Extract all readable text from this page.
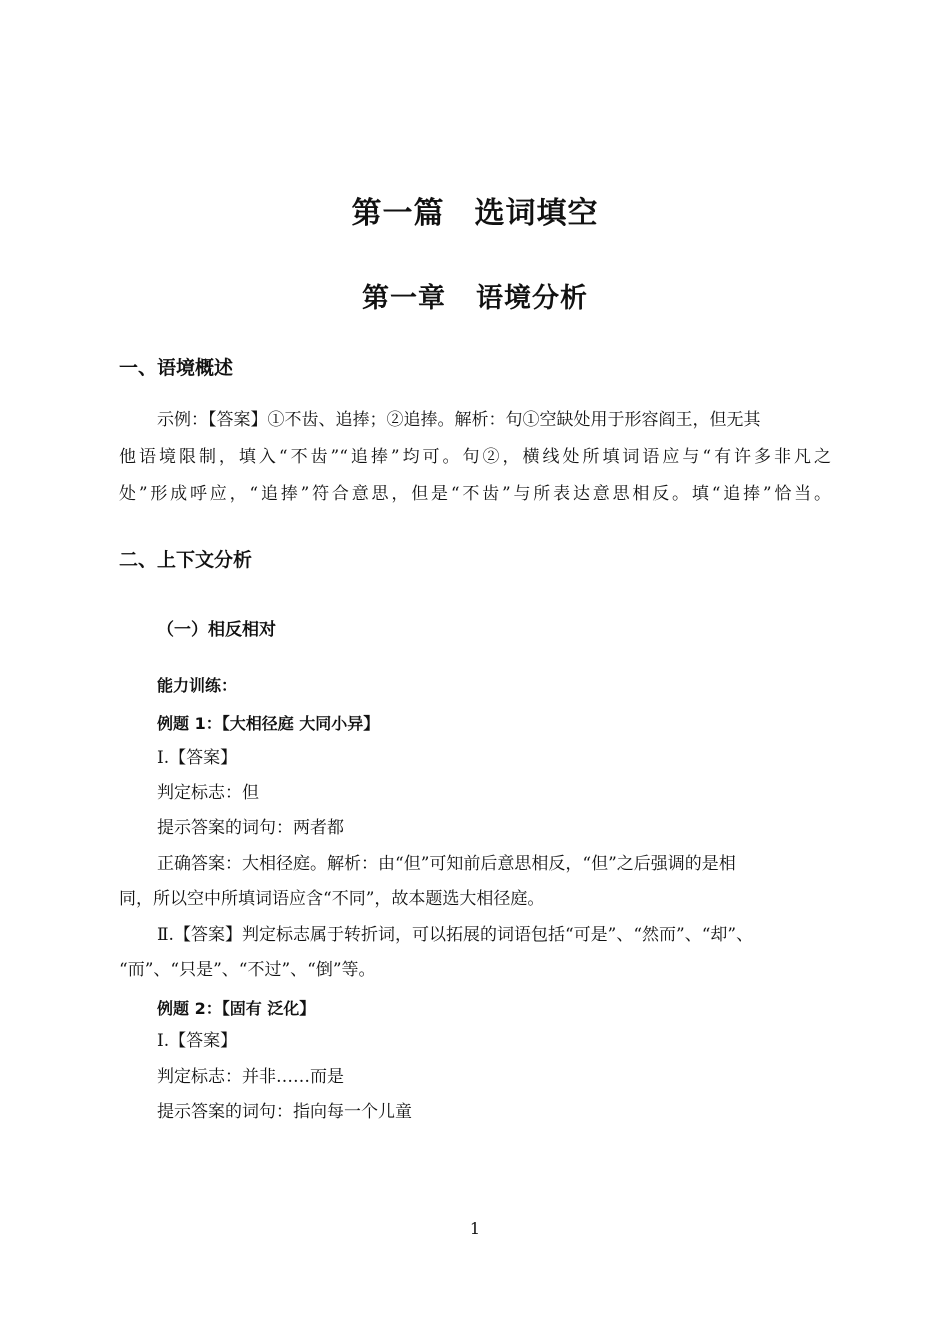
第一篇 选词填空
第一章 语境分析
一、语境概述

示例：【答案】①不齿、追捧；②追捧。解析：句①空缺处用于形容阎王，但无其

他语境限制，填入“不齿”“追捧”均可。句②，横线处所填词语应与“有许多非凡之

处”形成呼应，“追捧”符合意思，但是“不齿”与所表达意思相反。填“追捧”恰当。

二、上下文分析
（一）相反相对

能力训练：

例题 1：【大相径庭 大同小异】

Ⅰ.【答案】

判定标志：但

提示答案的词句：两者都

正确答案：大相径庭。解析：由“但”可知前后意思相反，“但”之后强调的是相

同，所以空中所填词语应含“不同”，故本题选大相径庭。

Ⅱ.【答案】判定标志属于转折词，可以拓展的词语包括“可是”、“然而”、“却”、

“而”、“只是”、“不过”、“倒”等。

例题 2：【固有 泛化】

Ⅰ.【答案】

判定标志：并非……而是

提示答案的词句：指向每一个儿童

1
